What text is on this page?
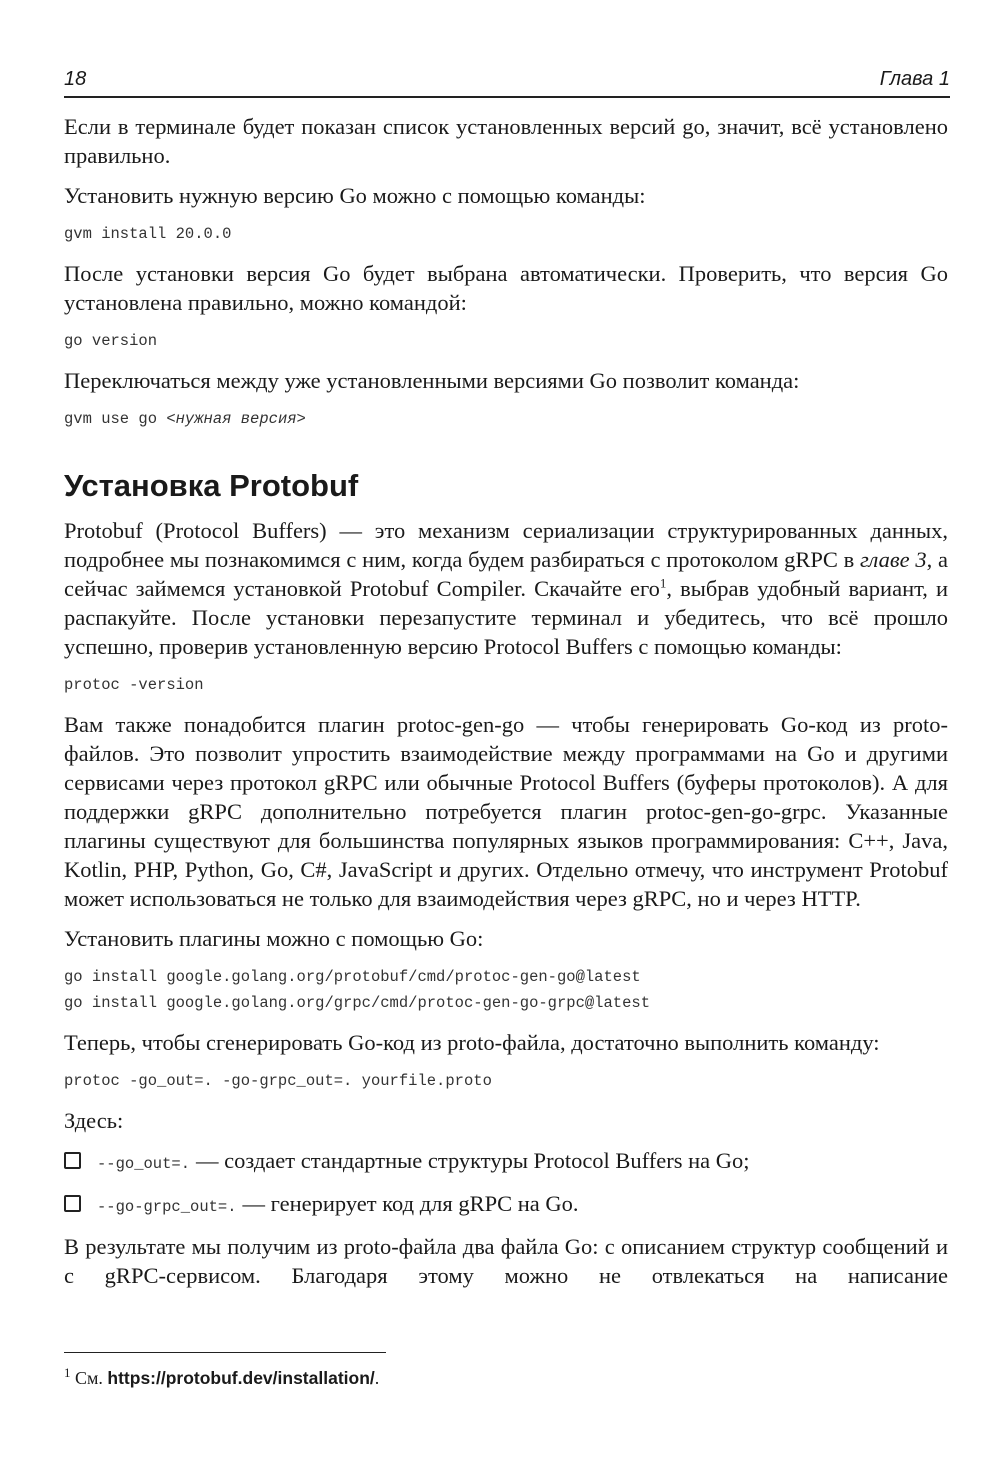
18	Глава 1

Если в терминале будет показан список установленных версий go, значит, всё установлено правильно.

Установить нужную версию Go можно с помощью команды:

gvm install 20.0.0

После установки версия Go будет выбрана автоматически. Проверить, что версия Go установлена правильно, можно командой:

go version

Переключаться между уже установленными версиями Go позволит команда:

gvm use go <нужная версия>
Установка Protobuf

Protobuf (Protocol Buffers) — это механизм сериализации структурированных данных, подробнее мы познакомимся с ним, когда будем разбираться с протоколом gRPC в главе 3, а сейчас займемся установкой Protobuf Compiler. Скачайте его$^1$, выбрав удобный вариант, и распакуйте. После установки перезапустите терминал и убедитесь, что всё прошло успешно, проверив установленную версию Protocol Buffers с помощью команды:

protoc -version

Вам также понадобится плагин protoc-gen-go — чтобы генерировать Go-код из proto-файлов. Это позволит упростить взаимодействие между программами на Go и другими сервисами через протокол gRPC или обычные Protocol Buffers (буферы протоколов). А для поддержки gRPC дополнительно потребуется плагин protoc-gen-go-grpc. Указанные плагины существуют для большинства популярных языков программирования: C++, Java, Kotlin, PHP, Python, Go, C#, JavaScript и других. Отдельно отмечу, что инструмент Protobuf может использоваться не только для взаимодействия через gRPC, но и через HTTP.

Установить плагины можно с помощью Go:

go install google.golang.org/protobuf/cmd/protoc-gen-go@latest
go install google.golang.org/grpc/cmd/protoc-gen-go-grpc@latest

Теперь, чтобы сгенерировать Go-код из proto-файла, достаточно выполнить команду:

protoc -go_out=. -go-grpc_out=. yourfile.proto

Здесь:

--go_out=. — создает стандартные структуры Protocol Buffers на Go;
--go-grpc_out=. — генерирует код для gRPC на Go.

В результате мы получим из proto-файла два файла Go: с описанием структур сообщений и с gRPC-сервисом. Благодаря этому можно не отвлекаться на написание

$^1$ См. https://protobuf.dev/installation/.
